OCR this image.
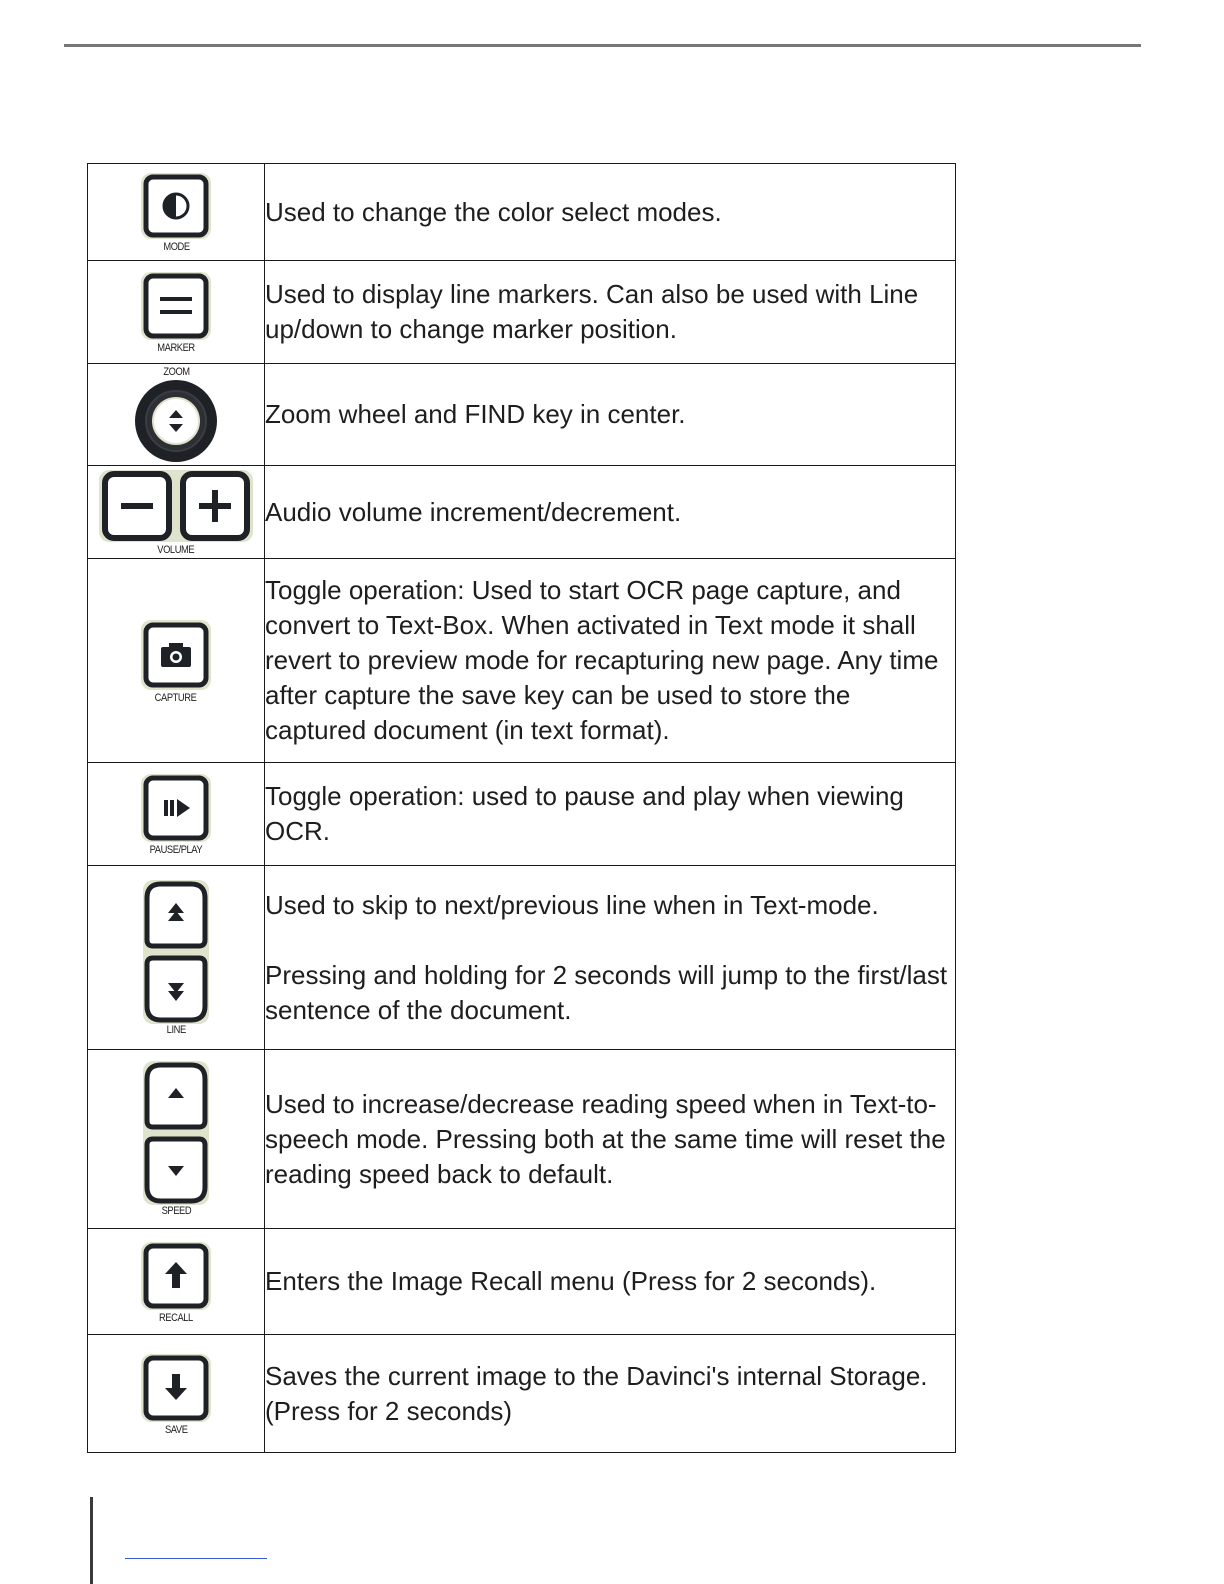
MODE	Used to change the color select modes.

MARKER	Used to display line markers. Can also be used with Line up/down to change marker position.

ZOOM	Zoom wheel and FIND key in center.

VOLUME	Audio volume increment/decrement.

CAPTURE	Toggle operation: Used to start OCR page capture, and convert to Text-Box. When activated in Text mode it shall revert to preview mode for recapturing new page. Any time after capture the save key can be used to store the captured document (in text format).

PAUSE/PLAY	Toggle operation: used to pause and play when viewing OCR.

LINE	Used to skip to next/previous line when in Text-mode.

Pressing and holding for 2 seconds will jump to the first/last sentence of the document.

SPEED	Used to increase/decrease reading speed when in Text-to-speech mode. Pressing both at the same time will reset the reading speed back to default.

RECALL	Enters the Image Recall menu (Press for 2 seconds).

SAVE	Saves the current image to the Davinci's internal Storage. (Press for 2 seconds)
